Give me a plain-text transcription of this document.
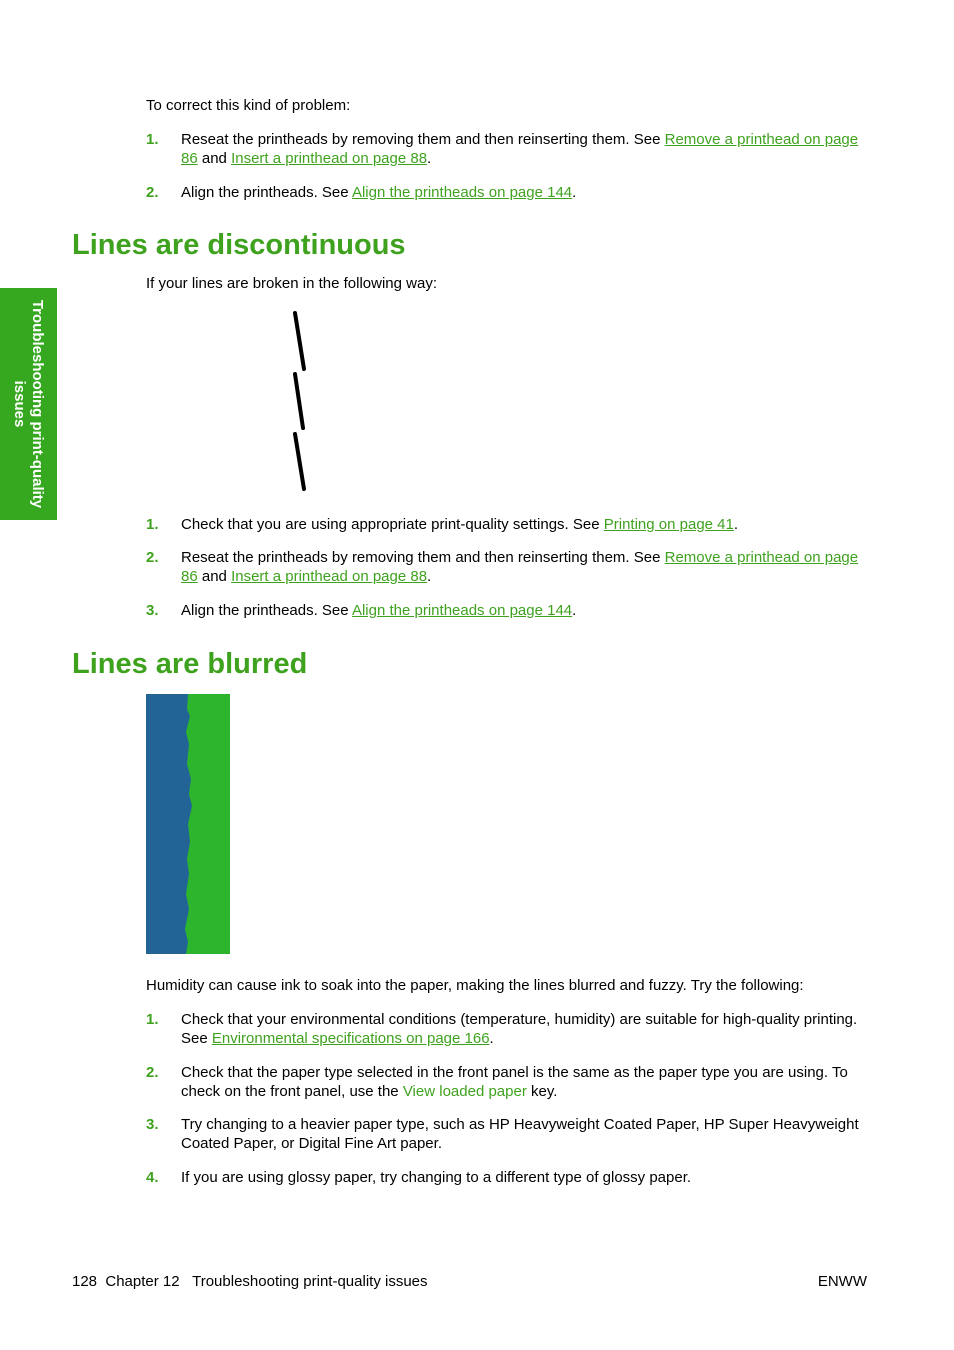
Troubleshooting print-quality issues

To correct this kind of problem:

1. Reseat the printheads by removing them and then reinserting them. See Remove a printhead on page 86 and Insert a printhead on page 88.
2. Align the printheads. See Align the printheads on page 144.
Lines are discontinuous

If your lines are broken in the following way:

1. Check that you are using appropriate print-quality settings. See Printing on page 41.
2. Reseat the printheads by removing them and then reinserting them. See Remove a printhead on page 86 and Insert a printhead on page 88.
3. Align the printheads. See Align the printheads on page 144.
Lines are blurred

Humidity can cause ink to soak into the paper, making the lines blurred and fuzzy. Try the following:

1. Check that your environmental conditions (temperature, humidity) are suitable for high-quality printing. See Environmental specifications on page 166.
2. Check that the paper type selected in the front panel is the same as the paper type you are using. To check on the front panel, use the View loaded paper key.
3. Try changing to a heavier paper type, such as HP Heavyweight Coated Paper, HP Super Heavyweight Coated Paper, or Digital Fine Art paper.
4. If you are using glossy paper, try changing to a different type of glossy paper.
128 Chapter 12 Troubleshooting print-quality issues	ENWW
